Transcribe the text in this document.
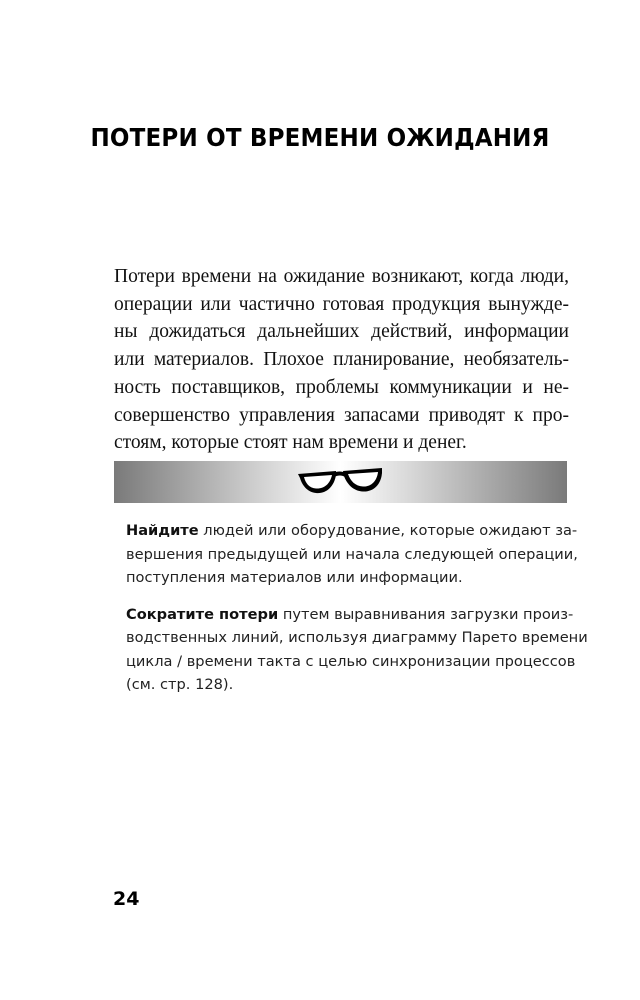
ПОТЕРИ ОТ ВРЕМЕНИ ОЖИДАНИЯ

Потери времени на ожидание возникают, когда люди,
операции или частично готовая продукция вынужде-
ны дожидаться дальнейших действий, информации
или материалов. Плохое планирование, необязатель-
ность поставщиков, проблемы коммуникации и не-
совершенство управления запасами приводят к про-
стоям, которые стоят нам времени и денег.

Найдите людей или оборудование, которые ожидают за-
вершения предыдущей или начала следующей операции,
поступления материалов или информации.

Сократите потери путем выравнивания загрузки произ-
водственных линий, используя диаграмму Парето времени
цикла / времени такта с целью синхронизации процессов
(см. стр. 128).

24
